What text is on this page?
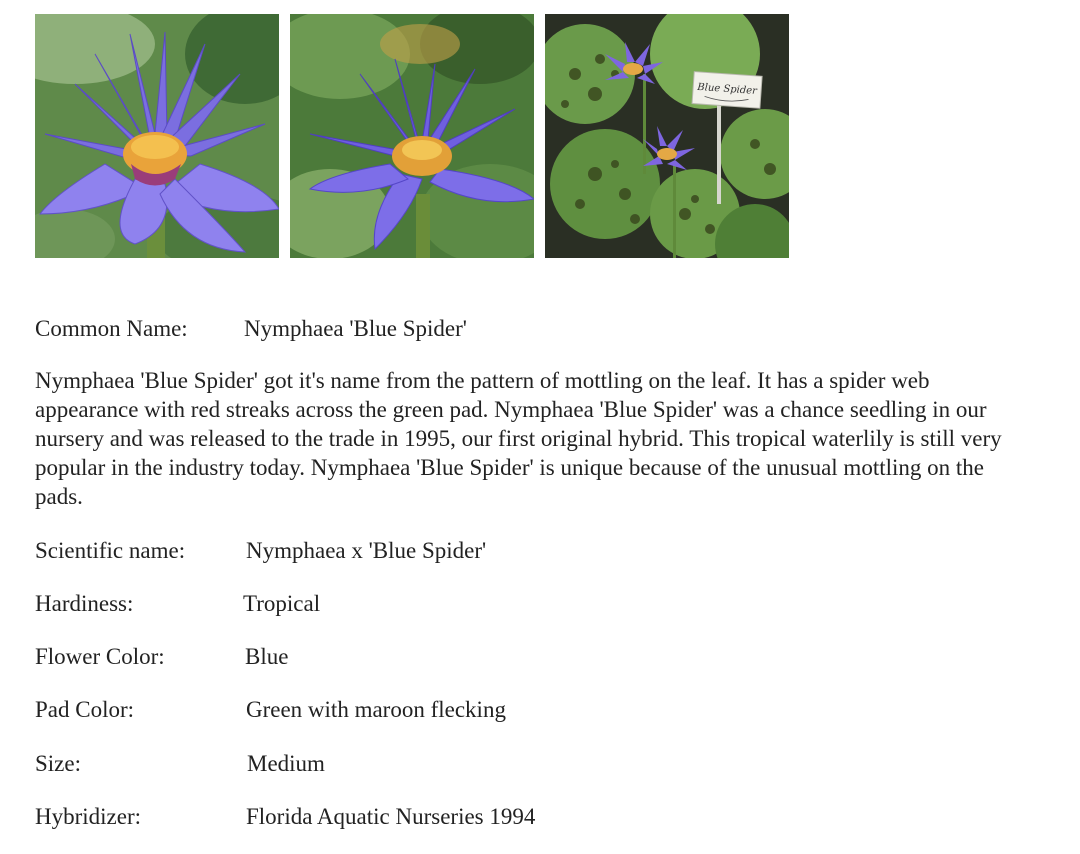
Blue Spider
Common Name: Nymphaea 'Blue Spider'

Nymphaea 'Blue Spider' got it's name from the pattern of mottling on the leaf. It has a spider web appearance with red streaks across the green pad. Nymphaea 'Blue Spider' was a chance seedling in our nursery and was released to the trade in 1995, our first original hybrid. This tropical waterlily is still very popular in the industry today. Nymphaea 'Blue Spider' is unique because of the unusual mottling on the pads.

Scientific name:	Nymphaea x 'Blue Spider'
Hardiness:	Tropical
Flower Color:	Blue
Pad Color:	Green with maroon flecking
Size:	Medium
Hybridizer:	Florida Aquatic Nurseries 1994
